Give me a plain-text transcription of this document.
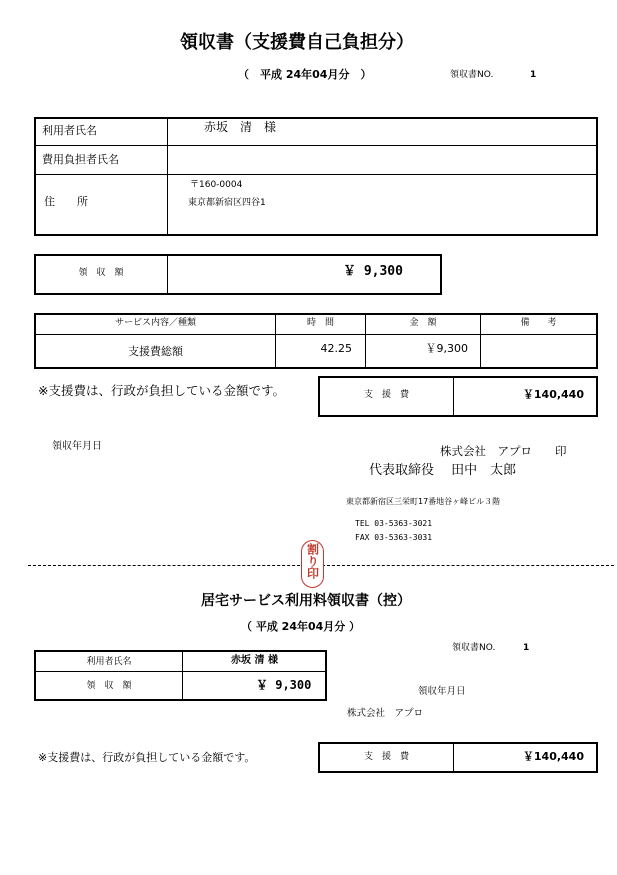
領収書（支援費自己負担分）
（　平成 24年04月分　）	領収書NO.	1
利用者氏名	赤坂　清　様
費用負担者氏名
住　　所
〒160-0004
東京都新宿区四谷1
領　収　額	￥ 9,300
サービス内容／種類	時　間	金　額	備　　考
支援費総額	42.25	￥9,300
※支援費は、行政が負担している金額です。	支　援　費	￥140,440
領収年月日	株式会社　アプロ　　印
代表取締役　 田中　太郎
東京都新宿区三栄町17番地谷ヶ峰ビル３階
TEL 03-5363-3021
FAX 03-5363-3031
割り印
居宅サービス利用料領収書（控）
（ 平成 24年04月分 ）
領収書NO.	1
利用者氏名	赤坂 清 様
領　収　額	￥ 9,300	領収年月日
株式会社　アプロ
※支援費は、行政が負担している金額です。	支　援　費	￥140,440
